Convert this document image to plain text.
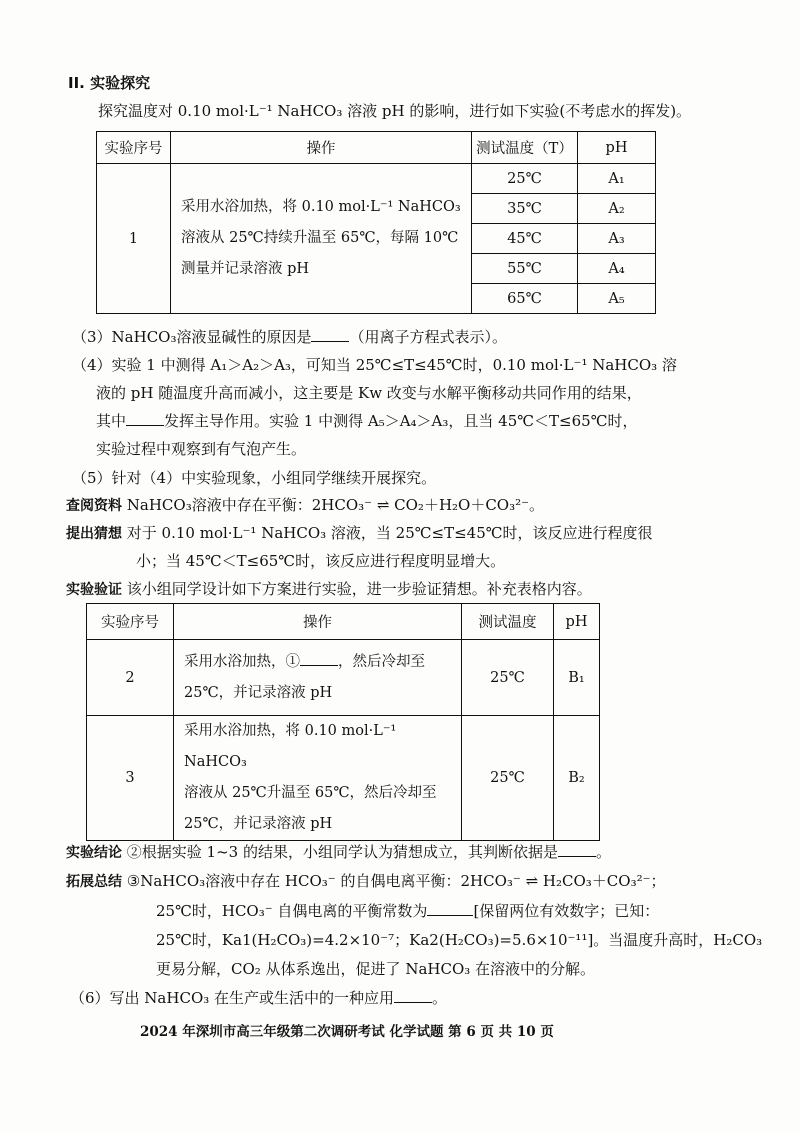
II. 实验探究
探究温度对 0.10 mol·L⁻¹ NaHCO₃ 溶液 pH 的影响，进行如下实验(不考虑水的挥发)。
实验序号	操作	测试温度（T）	pH
1	采用水浴加热，将 0.10 mol·L⁻¹ NaHCO₃ 溶液从 25℃持续升温至 65℃，每隔 10℃ 测量并记录溶液 pH	25℃	A₁
		35℃	A₂
		45℃	A₃
		55℃	A₄
		65℃	A₅
（3）NaHCO₃溶液显碱性的原因是	（用离子方程式表示）。
（4）实验 1 中测得 A₁＞A₂＞A₃，可知当 25℃≤T≤45℃时，0.10 mol·L⁻¹ NaHCO₃ 溶
液的 pH 随温度升高而减小，这主要是 Kw 改变与水解平衡移动共同作用的结果，
其中	发挥主导作用。实验 1 中测得 A₅＞A₄＞A₃，且当 45℃＜T≤65℃时，
实验过程中观察到有气泡产生。
（5）针对（4）中实验现象，小组同学继续开展探究。
查阅资料 NaHCO₃溶液中存在平衡：2HCO₃⁻ ⇌ CO₂＋H₂O＋CO₃²⁻。
提出猜想 对于 0.10 mol·L⁻¹ NaHCO₃ 溶液，当 25℃≤T≤45℃时，该反应进行程度很
小；当 45℃＜T≤65℃时，该反应进行程度明显增大。
实验验证 该小组同学设计如下方案进行实验，进一步验证猜想。补充表格内容。
实验序号	操作	测试温度	pH
2	采用水浴加热，① ，然后冷却至
25℃，并记录溶液 pH	25℃	B₁
3	采用水浴加热，将 0.10 mol·L⁻¹ NaHCO₃
溶液从 25℃升温至 65℃，然后冷却至
25℃，并记录溶液 pH	25℃	B₂
实验结论 ②根据实验 1~3 的结果，小组同学认为猜想成立，其判断依据是	。
拓展总结 ③NaHCO₃溶液中存在 HCO₃⁻ 的自偶电离平衡：2HCO₃⁻ ⇌ H₂CO₃＋CO₃²⁻；
25℃时，HCO₃⁻ 自偶电离的平衡常数为	[保留两位有效数字；已知：
25℃时，Ka1(H₂CO₃)=4.2×10⁻⁷；Ka2(H₂CO₃)=5.6×10⁻¹¹]。当温度升高时，H₂CO₃
更易分解，CO₂ 从体系逸出，促进了 NaHCO₃ 在溶液中的分解。
（6）写出 NaHCO₃ 在生产或生活中的一种应用	。
2024 年深圳市高三年级第二次调研考试 化学试题 第 6 页 共 10 页
